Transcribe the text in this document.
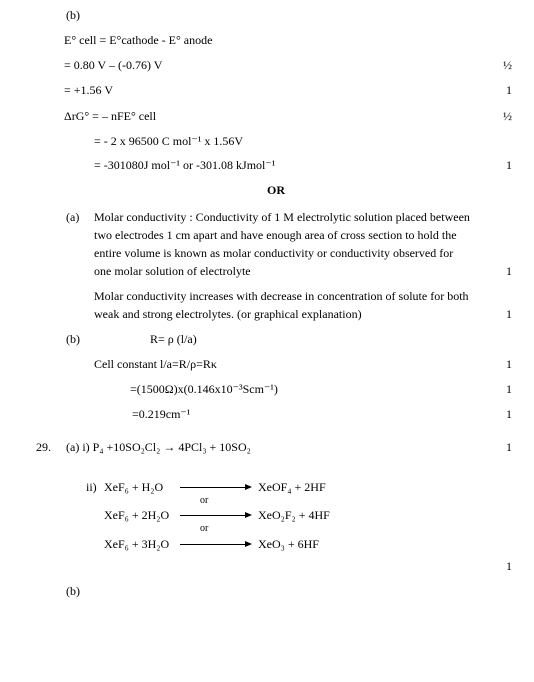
(b)
E° cell = E°cathode - E° anode
= 0.80 V – (-0.76) V	½
= +1.56 V	1
ΔrG° = – nFE° cell	½
= - 2 x 96500 C mol⁻¹ x 1.56V
= -301080J mol⁻¹ or -301.08 kJmol⁻¹	1
OR
(a) Molar conductivity : Conductivity of 1 M electrolytic solution placed between
two electrodes 1 cm apart and have enough area of cross section to hold the
entire volume is known as molar conductivity or conductivity observed for
one molar solution of electrolyte	1
Molar conductivity increases with decrease in concentration of solute for both
weak and strong electrolytes. (or graphical explanation)	1
(b)	R= ρ (l/a)
Cell constant l/a=R/ρ=Rκ	1
=(1500Ω)x(0.146x10⁻³Scm⁻¹)	1
=0.219cm⁻¹	1
29. (a) i) P₄ +10SO₂Cl₂ → 4PCl₃ + 10SO₂	1
ii) XeF₆ + H₂O	XeOF₄ + 2HF
or
XeF₆ + 2H₂O	XeO₂F₂ + 4HF
or
XeF₆ + 3H₂O	XeO₃ + 6HF
1
(b)
